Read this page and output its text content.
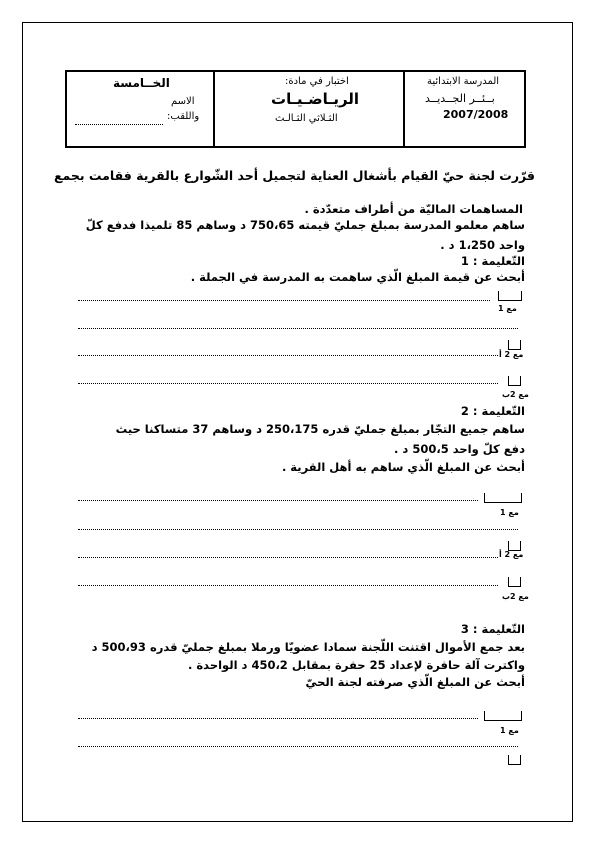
الخــامسة
الاسم
واللقب:
اختبار في مادة:
الريـاضـيـات
الثـلاثي الثـالـث
المدرسة الابتدائية
بــئــر الجــديــد
2007/2008
قرّرت لجنة حيّ القيام بأشغال العناية لتجميل أحد الشّوارع بالقرية فقامت بجمع
المساهمات الماليّة من أطراف متعدّدة .
ساهم معلمو المدرسة بمبلغ جمليّ قيمته 750،65 د وساهم 85 تلميذا فدفع كلّ
واحد 1،250 د .
التّعليمة : 1
أبحث عن قيمة المبلغ الّذي ساهمت به المدرسة في الجملة .
مع 1
مع 2 أ
مع 2ب
التّعليمة : 2
ساهم جميع التجّار بمبلغ جمليّ قدره 250،175 د وساهم 37 متساكنا حيث
دفع كلّ واحد 500،5 د .
أبحث عن المبلغ الّذي ساهم به أهل القرية .
مع 1
مع 2 أ
مع 2ب
التّعليمة : 3
بعد جمع الأموال اقتنت اللّجنة سمادا عضويّا ورملا بمبلغ جمليّ قدره 500،93 د
واكترت آلة حافرة لإعداد 25 حفرة بمقابل 450،2 د الواحدة .
أبحث عن المبلغ الّذي صرفته لجنة الحيّ
مع 1
